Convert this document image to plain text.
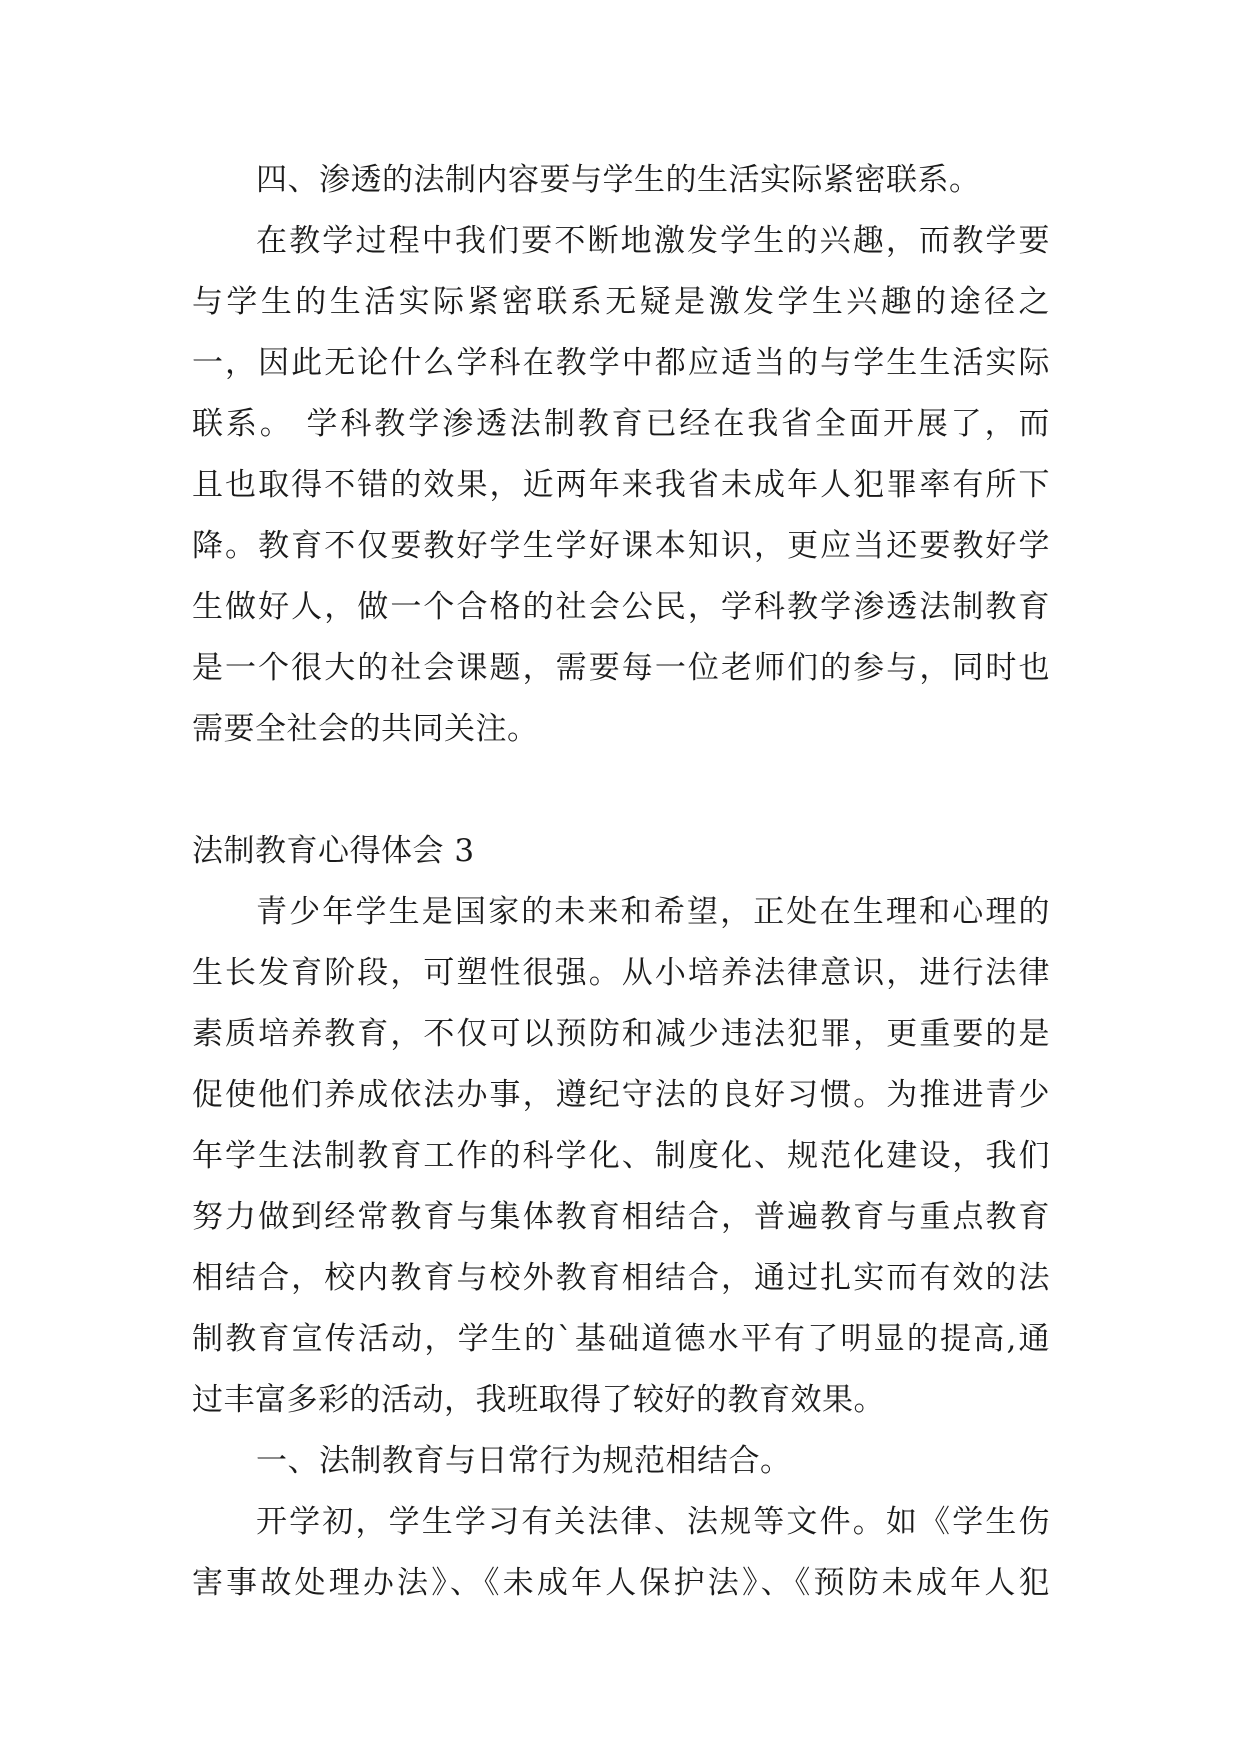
四、渗透的法制内容要与学生的生活实际紧密联系。
在教学过程中我们要不断地激发学生的兴趣，而教学要
与学生的生活实际紧密联系无疑是激发学生兴趣的途径之
一，因此无论什么学科在教学中都应适当的与学生生活实际
联系。 学科教学渗透法制教育已经在我省全面开展了，而
且也取得不错的效果，近两年来我省未成年人犯罪率有所下
降。教育不仅要教好学生学好课本知识，更应当还要教好学
生做好人，做一个合格的社会公民，学科教学渗透法制教育
是一个很大的社会课题，需要每一位老师们的参与，同时也
需要全社会的共同关注。
法制教育心得体会 3
青少年学生是国家的未来和希望，正处在生理和心理的
生长发育阶段，可塑性很强。从小培养法律意识，进行法律
素质培养教育，不仅可以预防和减少违法犯罪，更重要的是
促使他们养成依法办事，遵纪守法的良好习惯。为推进青少
年学生法制教育工作的科学化、制度化、规范化建设，我们
努力做到经常教育与集体教育相结合，普遍教育与重点教育
相结合，校内教育与校外教育相结合，通过扎实而有效的法
制教育宣传活动，学生的`基础道德水平有了明显的提高,通
过丰富多彩的活动，我班取得了较好的教育效果。
一、法制教育与日常行为规范相结合。
开学初，学生学习有关法律、法规等文件。如《学生伤
害事故处理办法》、《未成年人保护法》、《预防未成年人犯
